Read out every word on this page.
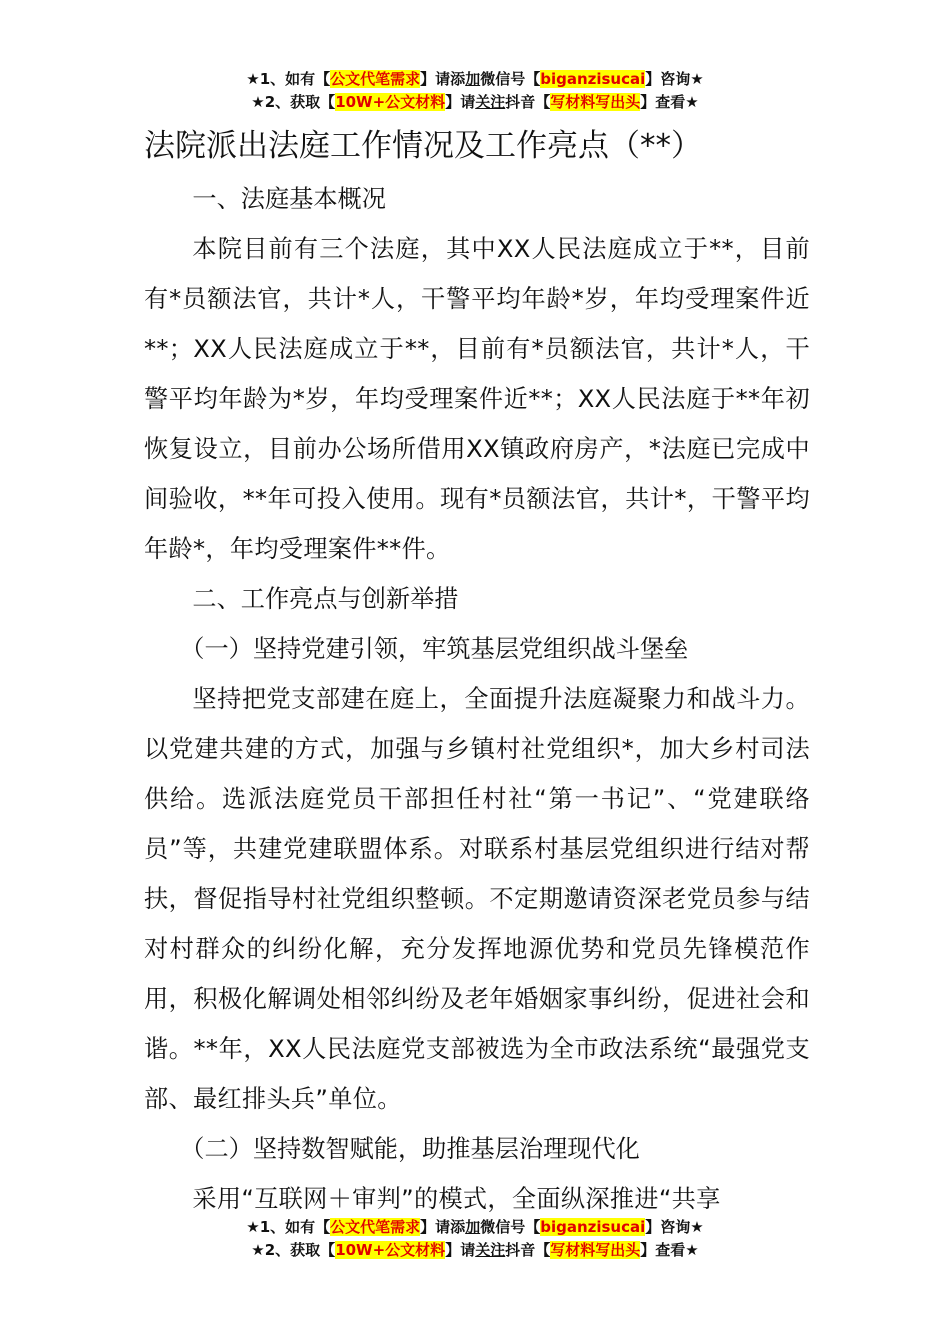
★1、如有【公文代笔需求】请添加微信号【biganzisucai】咨询★
★2、获取【10W+公文材料】请关注抖音【写材料写出头】查看★
法院派出法庭工作情况及工作亮点（**）

一、法庭基本概况

本院目前有三个法庭，其中XX人民法庭成立于**，目前有*员额法官，共计*人，干警平均年龄*岁，年均受理案件近**；XX人民法庭成立于**，目前有*员额法官，共计*人，干警平均年龄为*岁，年均受理案件近**；XX人民法庭于**年初恢复设立，目前办公场所借用XX镇政府房产，*法庭已完成中间验收，**年可投入使用。现有*员额法官，共计*，干警平均年龄*，年均受理案件**件。

二、工作亮点与创新举措

（一）坚持党建引领，牢筑基层党组织战斗堡垒

坚持把党支部建在庭上，全面提升法庭凝聚力和战斗力。以党建共建的方式，加强与乡镇村社党组织*，加大乡村司法供给。选派法庭党员干部担任村社“第一书记”、“党建联络员”等，共建党建联盟体系。对联系村基层党组织进行结对帮扶，督促指导村社党组织整顿。不定期邀请资深老党员参与结对村群众的纠纷化解，充分发挥地源优势和党员先锋模范作用，积极化解调处相邻纠纷及老年婚姻家事纠纷，促进社会和谐。**年，XX人民法庭党支部被选为全市政法系统“最强党支部、最红排头兵”单位。

（二）坚持数智赋能，助推基层治理现代化

采用“互联网＋审判”的模式，全面纵深推进“共享

★1、如有【公文代笔需求】请添加微信号【biganzisucai】咨询★
★2、获取【10W+公文材料】请关注抖音【写材料写出头】查看★
